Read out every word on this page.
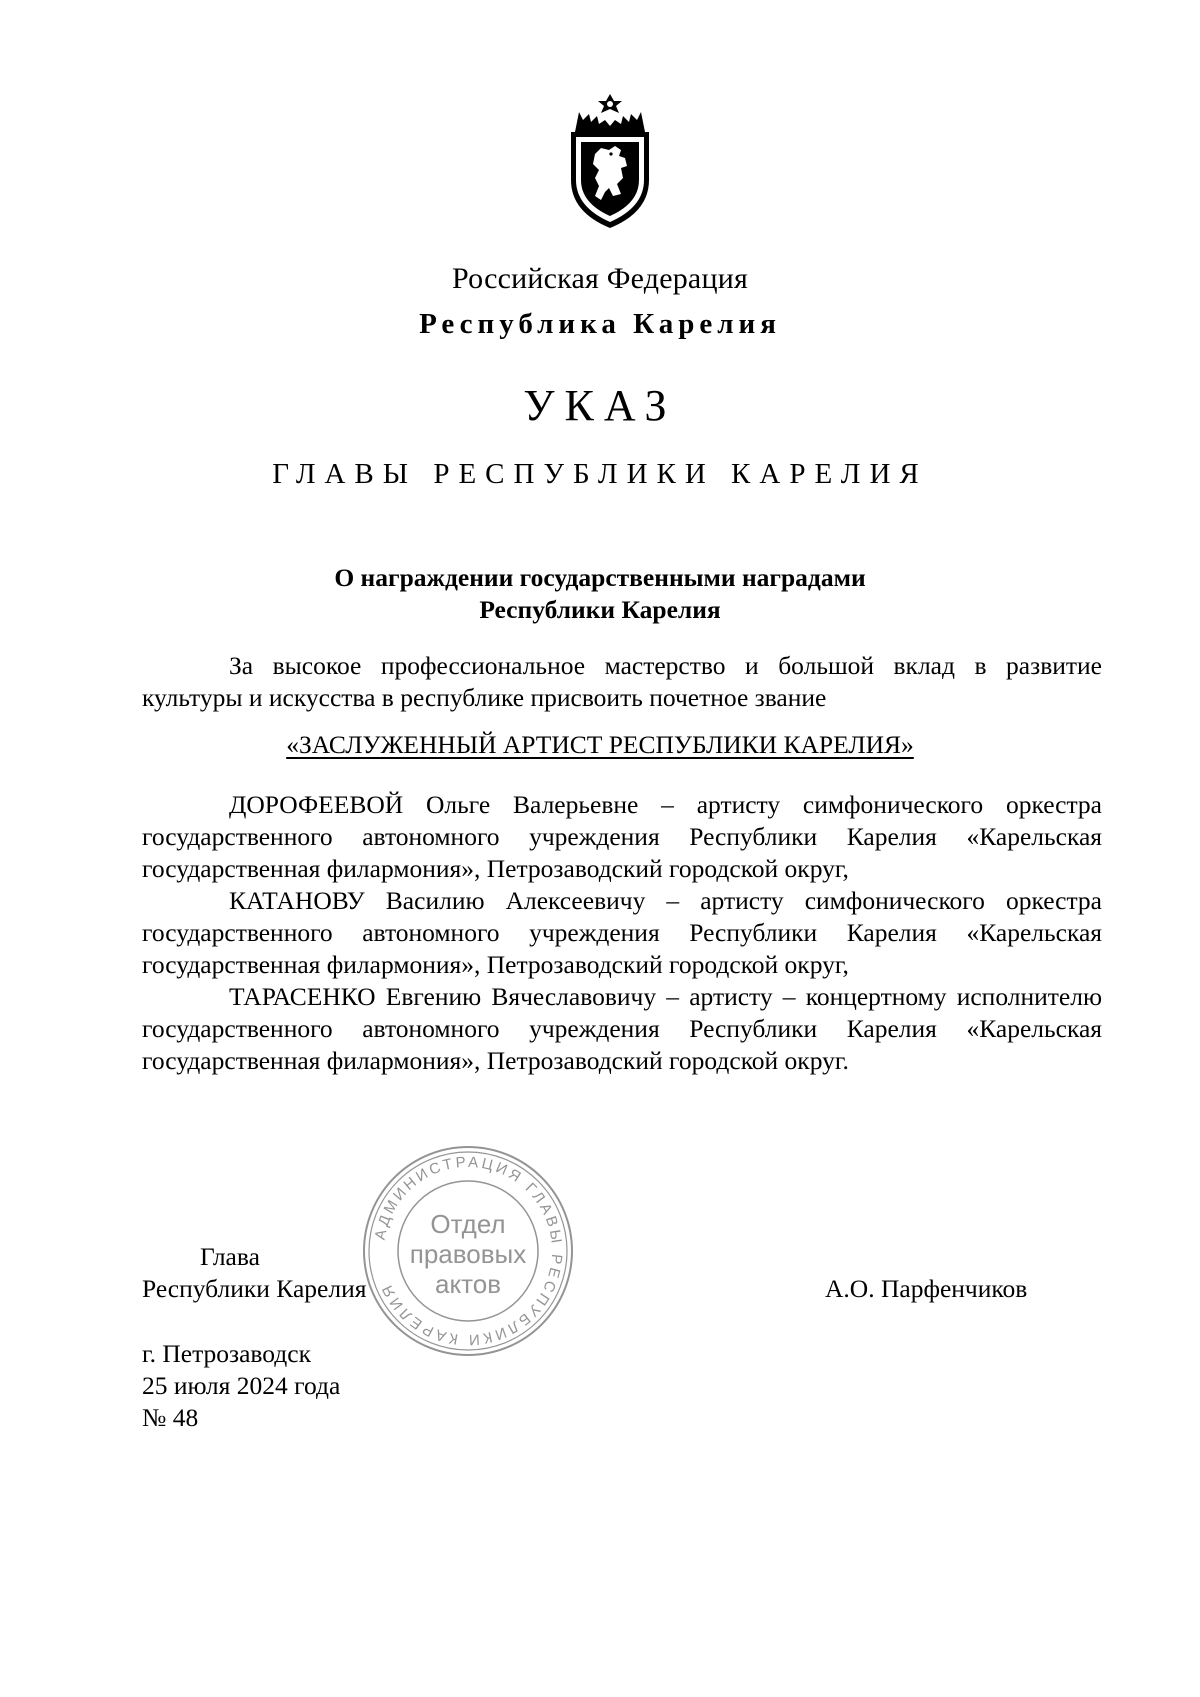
Российская Федерация
Республика Карелия
УКАЗ
ГЛАВЫ РЕСПУБЛИКИ КАРЕЛИЯ
О награждении государственными наградами
Республики Карелия

За высокое профессиональное мастерство и большой вклад в развитие культуры и искусства в республике присвоить почетное звание

«ЗАСЛУЖЕННЫЙ АРТИСТ РЕСПУБЛИКИ КАРЕЛИЯ»

ДОРОФЕЕВОЙ Ольге Валерьевне – артисту симфонического оркестра государственного автономного учреждения Республики Карелия «Карельская государственная филармония», Петрозаводский городской округ,

КАТАНОВУ Василию Алексеевичу – артисту симфонического оркестра государственного автономного учреждения Республики Карелия «Карельская государственная филармония», Петрозаводский городской округ,

ТАРАСЕНКО Евгению Вячеславовичу – артисту – концертному исполнителю государственного автономного учреждения Республики Карелия «Карельская государственная филармония», Петрозаводский городской округ.

АДМИНИСТРАЦИЯ ГЛАВЫ РЕСПУБЛИКИ КАРЕЛИЯ
Отдел
правовых
актов
Глава
Республики Карелия	А.О. Парфенчиков
г. Петрозаводск
25 июля 2024 года
№ 48
